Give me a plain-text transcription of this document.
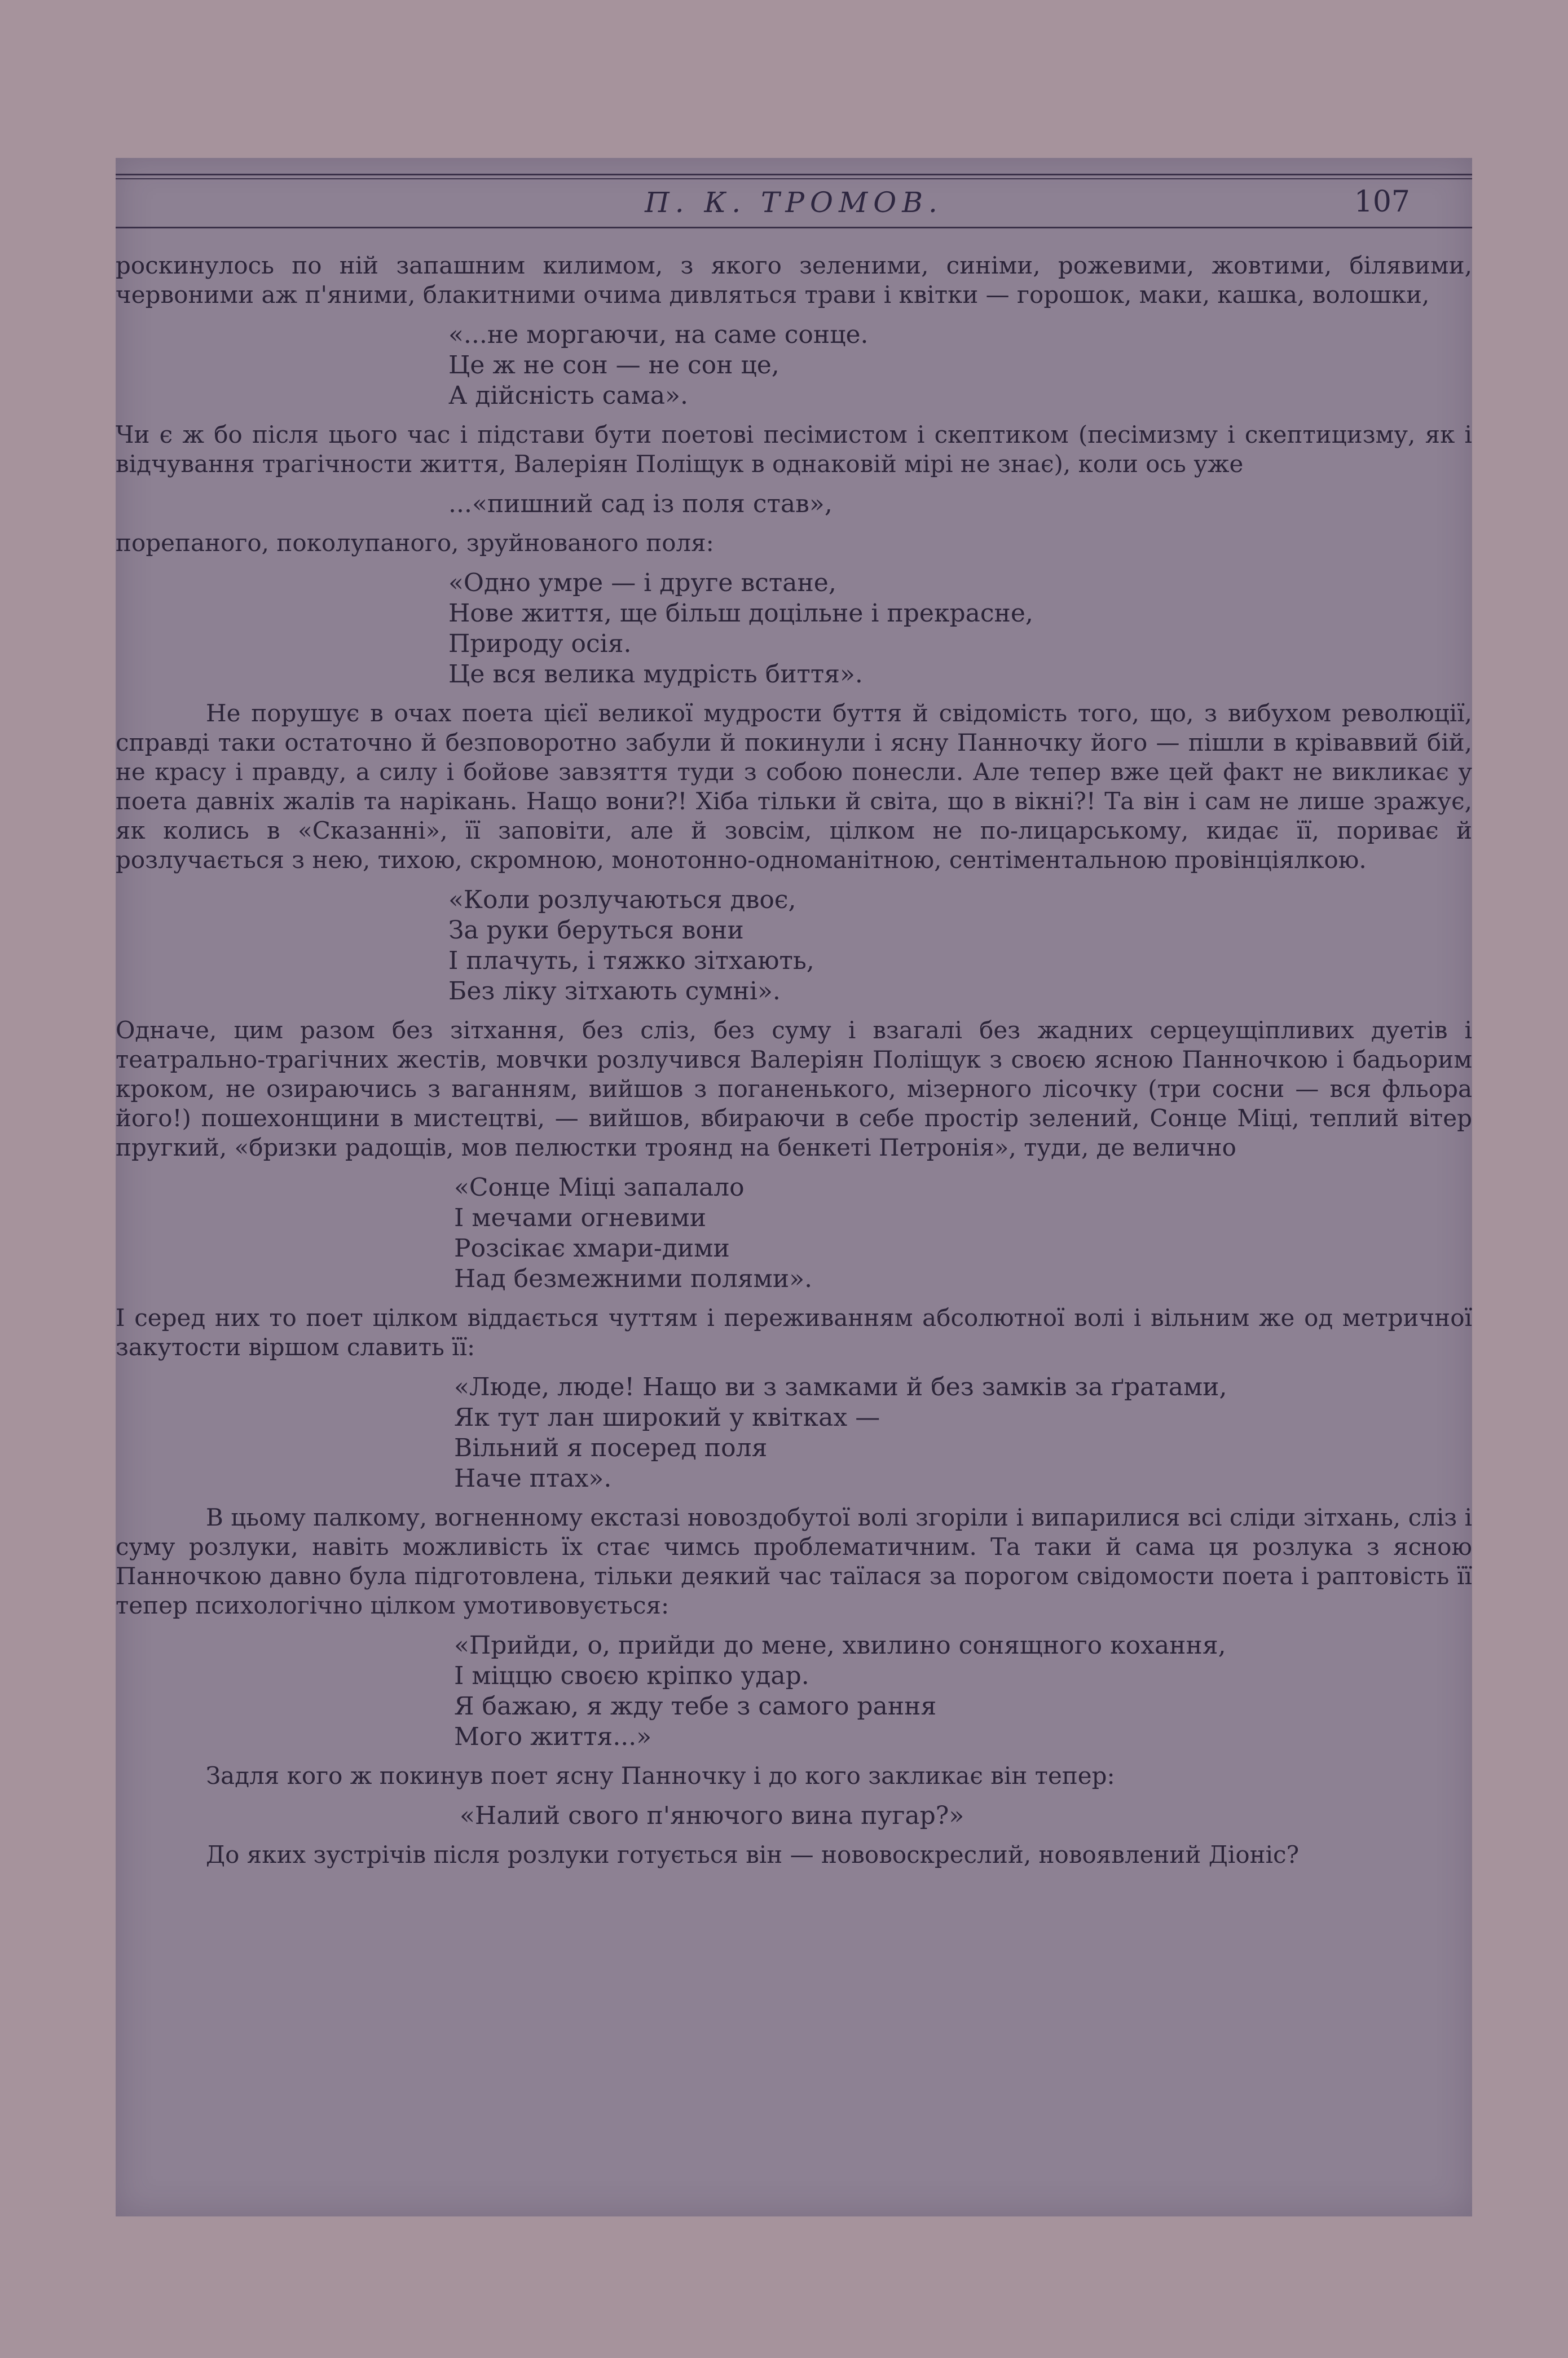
П. К. ТРОМОВ.	107

роскинулось по ній запашним килимом, з якого зеленими, синіми, рожевими, жовтими, білявими, червоними аж п'яними, блакитними очима дивляться трави і квітки — горошок, маки, кашка, волошки,

«...не моргаючи, на саме сонце.
Це ж не сон — не сон це,
А дійсність сама».

Чи є ж бо після цього час і підстави бути поетові песімистом і скептиком (песімизму і скептицизму, як і відчування трагічности життя, Валеріян Поліщук в однаковій мірі не знає), коли ось уже

...«пишний сад із поля став»,

порепаного, поколупаного, зруйнованого поля:

«Одно умре — і друге встане,
Нове життя, ще більш доцільне і прекрасне,
Природу осія.
Це вся велика мудрість биття».

Не порушує в очах поета цієї великої мудрости буття й свідомість того, що, з вибухом революції, справді таки остаточно й безповоротно забули й покинули і ясну Панночку його — пішли в кріваввий бій, не красу і правду, а силу і бойове завзяття туди з собою понесли. Але тепер вже цей факт не викликає у поета давніх жалів та нарікань. Нащо вони?! Хіба тільки й світа, що в вікні?! Та він і сам не лише зражує, як колись в «Сказанні», її заповіти, але й зовсім, цілком не по-лицарському, кидає її, пориває й розлучається з нею, тихою, скромною, монотонно-одноманітною, сентіментальною провінціялкою.

«Коли розлучаються двоє,
За руки беруться вони
І плачуть, і тяжко зітхають,
Без ліку зітхають сумні».

Одначе, цим разом без зітхання, без сліз, без суму і взагалі без жадних серцеущіпливих дуетів і театрально-трагічних жестів, мовчки розлучився Валеріян Поліщук з своєю ясною Панночкою і бадьорим кроком, не озираючись з ваганням, вийшов з поганенького, мізерного лісочку (три сосни — вся фльора його!) пошехонщини в мистецтві, — вийшов, вбираючи в себе простір зелений, Сонце Міці, теплий вітер пругкий, «бризки радощів, мов пелюстки троянд на бенкеті Петронія», туди, де велично

«Сонце Міці запалало
І мечами огневими
Розсікає хмари-дими
Над безмежними полями».

І серед них то поет цілком віддається чуттям і переживанням абсолютної волі і вільним же од метричної закутости віршом славить її:

«Люде, люде! Нащо ви з замками й без замків за ґратами,
Як тут лан широкий у квітках —
Вільний я посеред поля
Наче птах».

В цьому палкому, вогненному екстазі новоздобутої волі згоріли і випарилися всі сліди зітхань, сліз і суму розлуки, навіть можливість їх стає чимсь проблематичним. Та таки й сама ця розлука з ясною Панночкою давно була підготовлена, тільки деякий час таїлася за порогом свідомости поета і раптовість її тепер психологічно цілком умотивовується:

«Прийди, о, прийди до мене, хвилино сонящного кохання,
І міццю своєю кріпко удар.
Я бажаю, я жду тебе з самого рання
Мого життя...»

Задля кого ж покинув поет ясну Панночку і до кого закликає він тепер:

«Налий свого п'янючого вина пугар?»

До яких зустрічів після розлуки готується він — нововоскреслий, новоявлений Діоніс?
